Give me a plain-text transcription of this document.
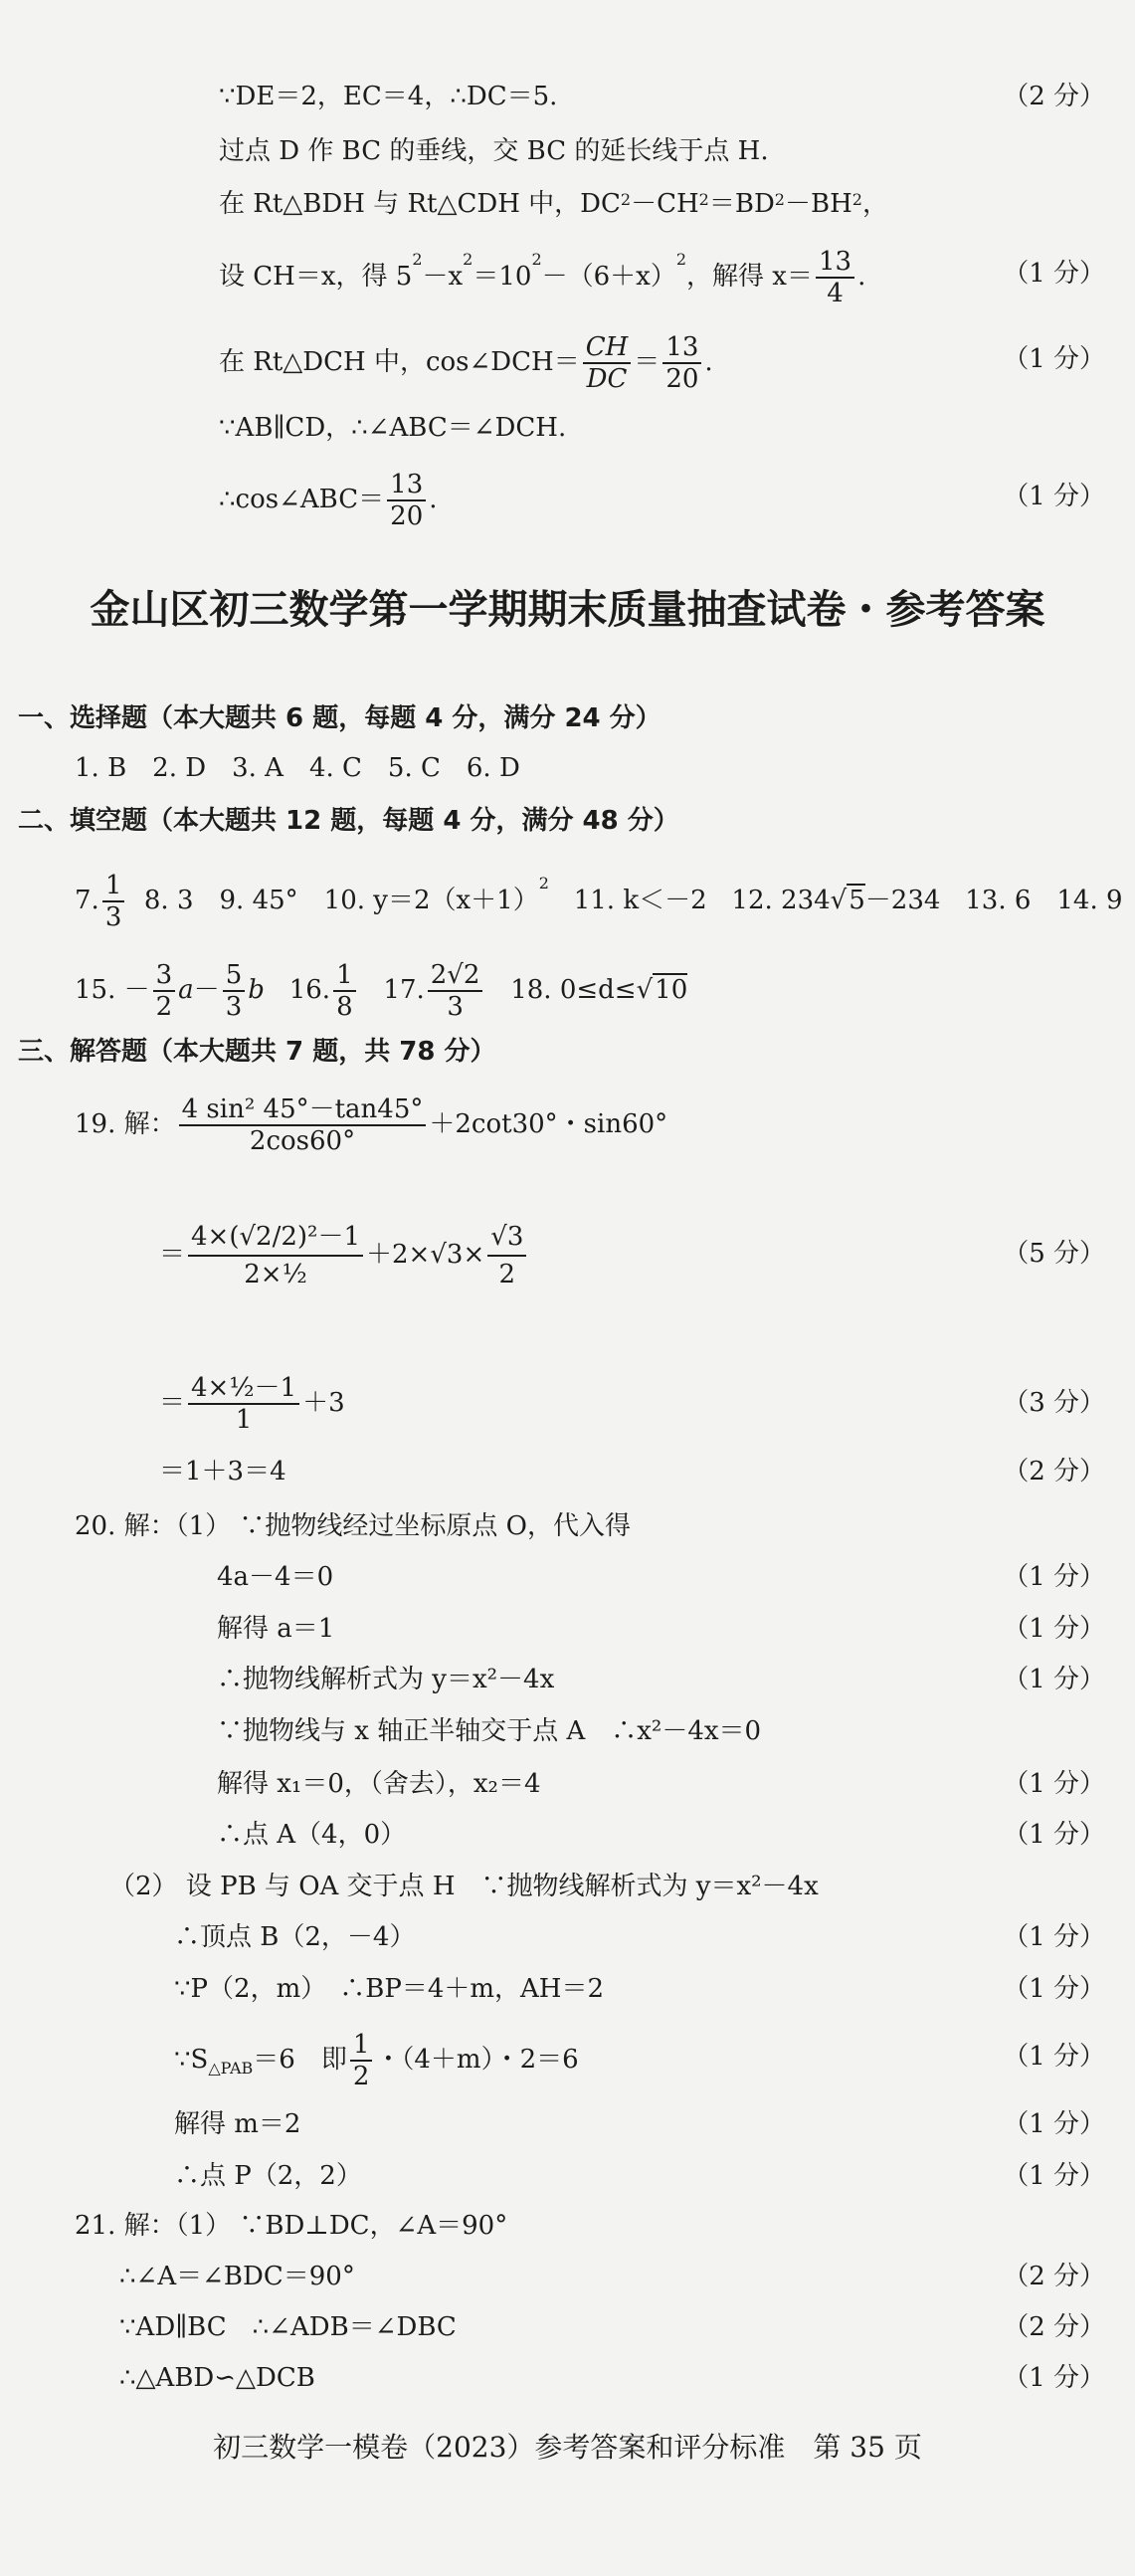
∵DE＝2，EC＝4，∴DC＝5.	（2 分）
过点 D 作 BC 的垂线，交 BC 的延长线于点 H.
在 Rt△BDH 与 Rt△CDH 中，$DC^2-CH^2=BD^2-BH^2$，
设 CH＝x，得 $5^2-x^2=10^2-(6+x)^2$，解得 $x= \frac{13}{4}$ .	（1 分）
在 Rt△DCH 中，cos∠DCH＝ $\frac{CH}{DC} = \frac{13}{20}$ .	（1 分）
∵AB∥CD，∴∠ABC＝∠DCH.
∴cos∠ABC＝ $\frac{13}{20}$ .	（1 分）
金山区初三数学第一学期期末质量抽查试卷・参考答案
一、选择题（本大题共 6 题，每题 4 分，满分 24 分）
1. B　2. D　3. A　4. C　5. C　6. D
二、填空题（本大题共 12 题，每题 4 分，满分 48 分）
7. $\frac{1}{3} 8$. 3　9. 45°　10. $y=2(x+1)^2$   11. k＜－2 12. 234√5－234 13. 6　14. 9
15. － $\frac{3}{2} a- \frac{5}{3}$ b 16. $\frac{1}{8} 17$. $\frac{2√2}{3} 18$. 0≤d≤√10
三、解答题（本大题共 7 题，共 78 分）
19. 解： $\frac{\text{4 sin² 45°－tan45°}}{2\cos 60^\circ} +2\cot 30^\circ$・sin60°
＝ $\frac{\text{4×(√2/2)²－1}}{\text{2×½}} +2\times√3\times \frac{√3}{2}$	（5 分）
＝ $\frac{\text{4×½－1}}{1} +3$	（3 分）
＝1＋3＝4	（2 分）
20. 解：（1） ∵抛物线经过坐标原点 O，代入得
4a－4＝0	（1 分）
解得 a＝1	（1 分）
∴抛物线解析式为 y＝x²－4x	（1 分）
∵抛物线与 x 轴正半轴交于点 A　∴x²－4x＝0
解得 x₁＝0，（舍去），x₂＝4	（1 分）
∴点 A（4，0）	（1 分）
（2） 设 PB 与 OA 交于点 H　∵抛物线解析式为 y＝x²－4x
∴顶点 B（2，－4）	（1 分）
∵P（2，m）　∴BP＝4＋m，AH＝2	（1 分）
$\because S_{\triangle PAB}=6$　即 $\frac{1}{2}$ ・（4＋m）・2＝6	（1 分）
解得 m＝2	（1 分）
∴点 P（2，2）	（1 分）
21. 解：（1） ∵BD⊥DC，∠A＝90°
∴∠A＝∠BDC＝90°	（2 分）
∵AD∥BC　∴∠ADB＝∠DBC	（2 分）
∴△ABD∽△DCB	（1 分）
初三数学一模卷（2023）参考答案和评分标准　第 35 页
